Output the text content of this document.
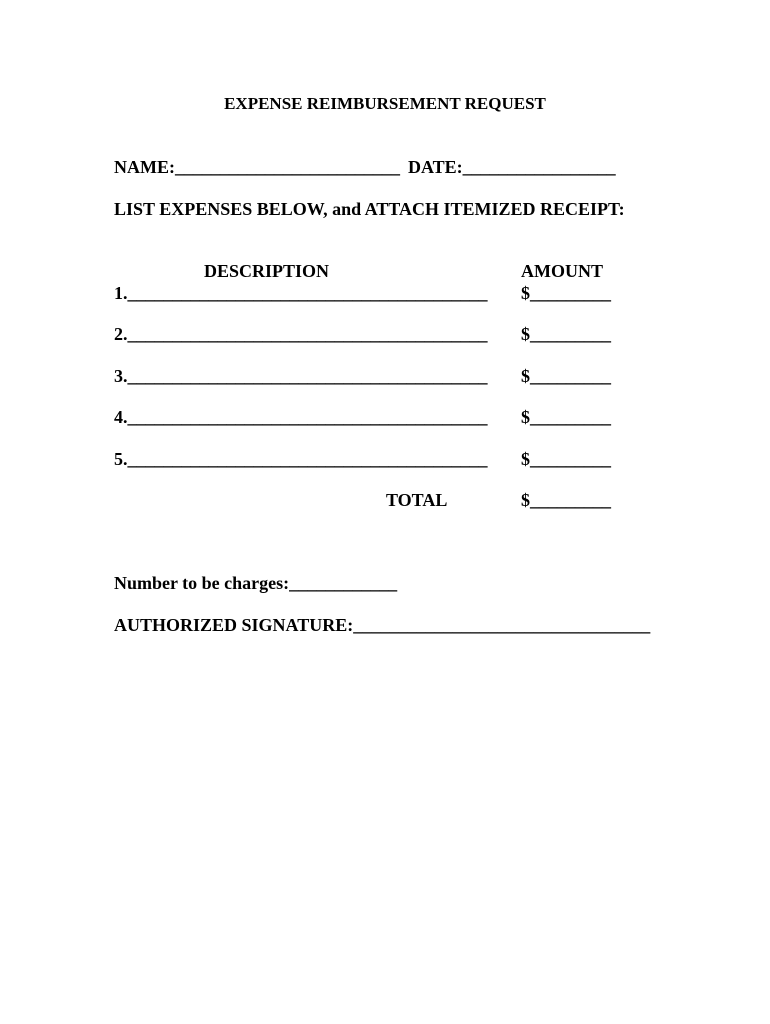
EXPENSE REIMBURSEMENT REQUEST
NAME:_________________________ DATE:_________________
LIST EXPENSES BELOW, and ATTACH ITEMIZED RECEIPT:
DESCRIPTION	AMOUNT
1.________________________________________ $_________
2.________________________________________ $_________
3.________________________________________ $_________
4.________________________________________ $_________
5.________________________________________ $_________
TOTAL	$_________
Number to be charges:____________
AUTHORIZED SIGNATURE:_________________________________
